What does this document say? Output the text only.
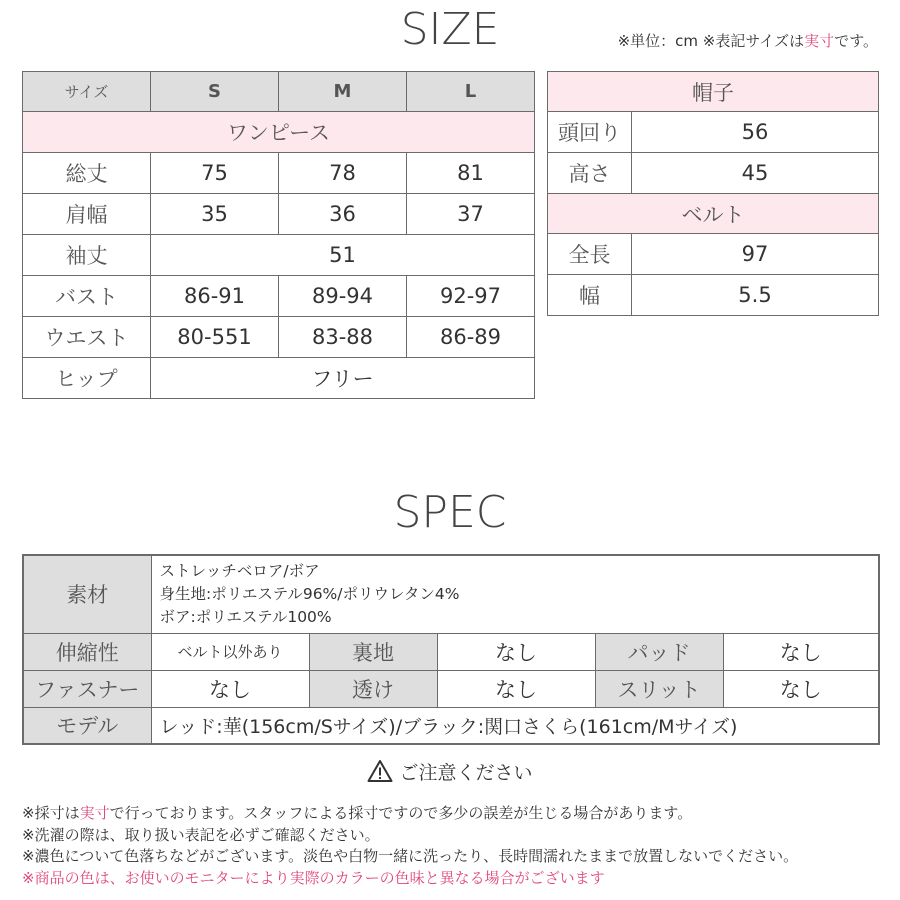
SIZE	※単位：cm ※表記サイズは実寸です。
サイズ	S	M	L
ワンピース			
総丈	75	78	81
肩幅	35	36	37
袖丈	51		
バスト	86-91	89-94	92-97
ウエスト	80-551	83-88	86-89
ヒップ	フリー		
帽子	
頭回り	56
高さ	45
ベルト	
全長	97
幅	5.5
SPEC
素材	ストレッチベロア/ボア
身生地:ポリエステル96%/ポリウレタン4%
ボア:ポリエステル100%				

伸縮性	ベルト以外あり	裏地	なし	パッド	なし
ファスナー	なし	透け	なし	スリット	なし
モデル	レッド:華(156cm/Sサイズ)/ブラック:関口さくら(161cm/Mサイズ)				
ご注意ください
※採寸は実寸で行っております。スタッフによる採寸ですので多少の誤差が生じる場合があります。
※洗濯の際は、取り扱い表記を必ずご確認ください。
※濃色について色落ちなどがございます。淡色や白物一緒に洗ったり、長時間濡れたままで放置しないでください。
※商品の色は、お使いのモニターにより実際のカラーの色味と異なる場合がございます
